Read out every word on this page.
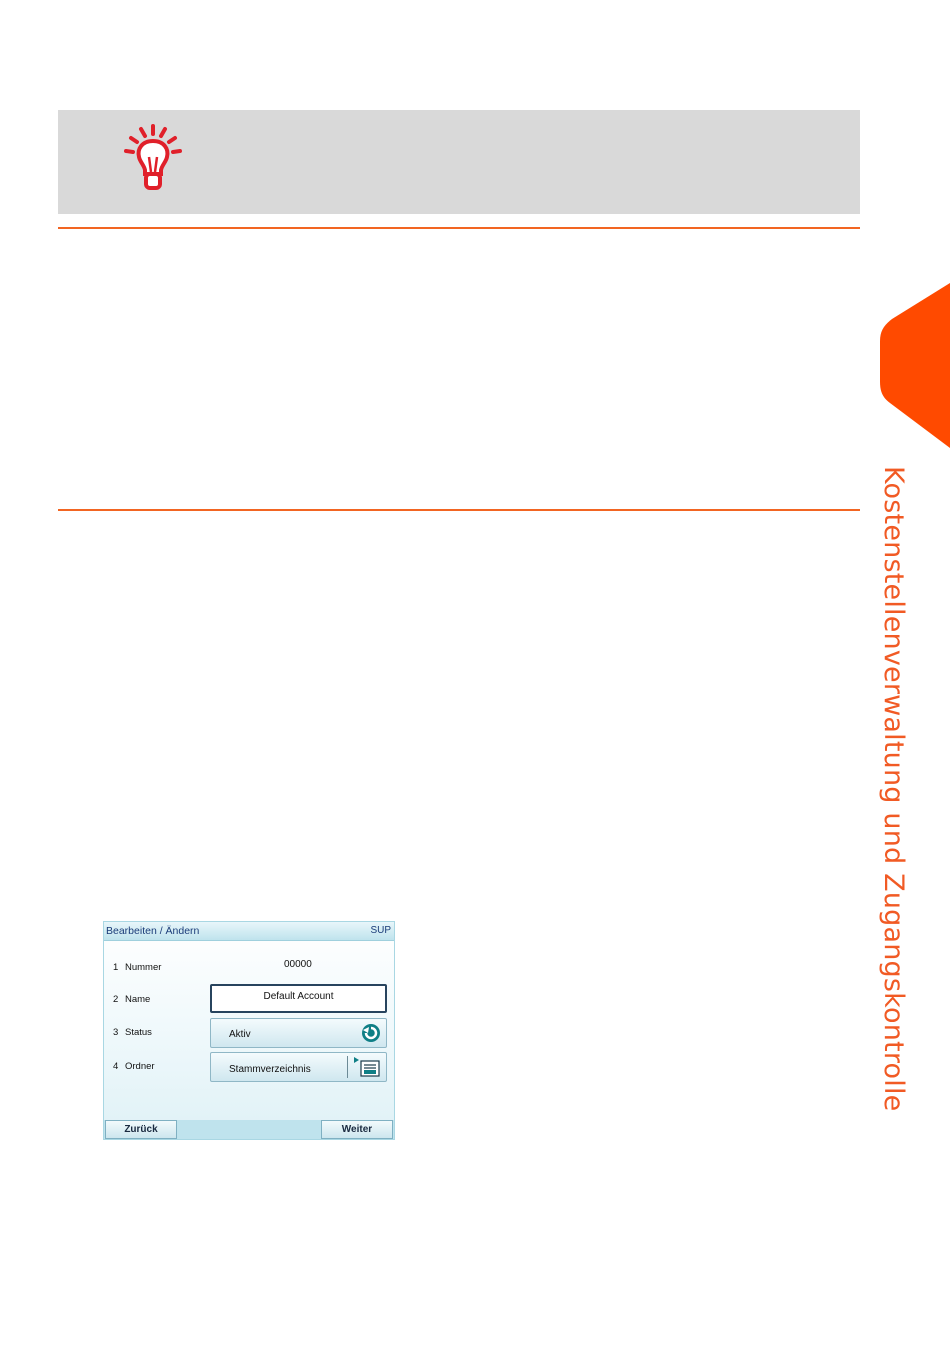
Kostenstellenverwaltung und Zugangskontrolle
Bearbeiten / Ändern	SUP
1 Nummer	00000
2 Name	Default Account
3 Status	Aktiv
4 Ordner	Stammverzeichnis
Zurück	Weiter
